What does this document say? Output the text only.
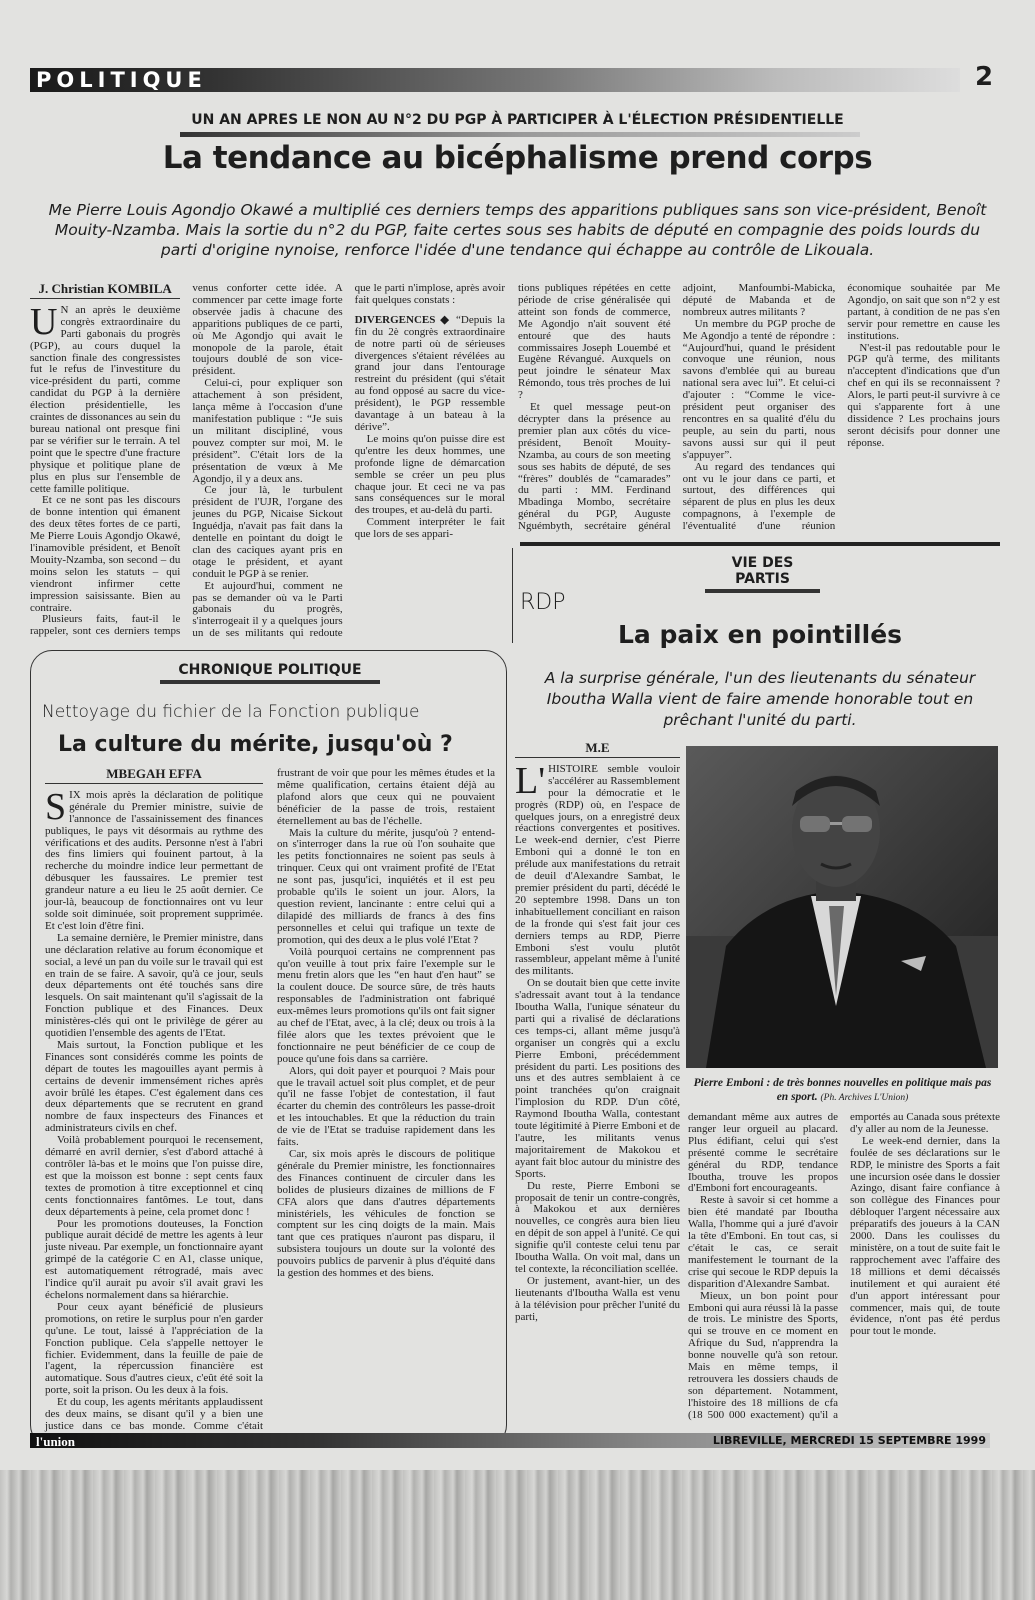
POLITIQUE	2
UN AN APRES LE NON AU N°2 DU PGP À PARTICIPER À L'ÉLECTION PRÉSIDENTIELLE
La tendance au bicéphalisme prend corps
Me Pierre Louis Agondjo Okawé a multiplié ces derniers temps des apparitions publiques sans son vice-président, Benoît Mouity-Nzamba. Mais la sortie du n°2 du PGP, faite certes sous ses habits de député en compagnie des poids lourds du parti d'origine nynoise, renforce l'idée d'une tendance qui échappe au contrôle de Likouala.
J. Christian KOMBILA

UN an après le deuxième congrès extraordinaire du Parti gabonais du progrès (PGP), au cours duquel la sanction finale des congressistes fut le refus de l'investiture du vice-président du parti, comme candidat du PGP à la dernière élection présidentielle, les craintes de dissonances au sein du bureau national ont presque fini par se vérifier sur le terrain. A tel point que le spectre d'une fracture physique et politique plane de plus en plus sur l'ensemble de cette famille politique.

Et ce ne sont pas les discours de bonne intention qui émanent des deux têtes fortes de ce parti, Me Pierre Louis Agondjo Okawé, l'inamovible président, et Benoît Mouity-Nzamba, son second – du moins selon les statuts – qui viendront infirmer cette impression saisissante. Bien au contraire.

Plusieurs faits, faut-il le rappeler, sont ces derniers temps venus conforter cette idée. A commencer par cette image forte observée jadis à chacune des apparitions publiques de ce parti, où Me Agondjo qui avait le monopole de la parole, était toujours doublé de son vice-président.

Celui-ci, pour expliquer son attachement à son président, lança même à l'occasion d'une manifestation publique : “Je suis un militant discipliné, vous pouvez compter sur moi, M. le président”. C'était lors de la présentation de vœux à Me Agondjo, il y a deux ans.

Ce jour là, le turbulent président de l'UJR, l'organe des jeunes du PGP, Nicaise Sickout Inguédja, n'avait pas fait dans la dentelle en pointant du doigt le clan des caciques ayant pris en otage le président, et ayant conduit le PGP à se renier.

Et aujourd'hui, comment ne pas se demander où va le Parti gabonais du progrès, s'interrogeait il y a quelques jours un de ses militants qui redoute que le parti n'implose, après avoir fait quelques constats :

DIVERGENCES ◆ “Depuis la fin du 2è congrès extraordinaire de notre parti où de sérieuses divergences s'étaient révélées au grand jour dans l'entourage restreint du président (qui s'était au fond opposé au sacre du vice-président), le PGP ressemble davantage à un bateau à la dérive”.

Le moins qu'on puisse dire est qu'entre les deux hommes, une profonde ligne de démarcation semble se créer un peu plus chaque jour. Et ceci ne va pas sans conséquences sur le moral des troupes, et au-delà du parti.

Comment interpréter le fait que lors de ses appari-

tions publiques répétées en cette période de crise généralisée qui atteint son fonds de commerce, Me Agondjo n'ait souvent été entouré que des hauts commissaires Joseph Louembé et Eugène Révangué. Auxquels on peut joindre le sénateur Max Rémondo, tous très proches de lui ?

Et quel message peut-on décrypter dans la présence au premier plan aux côtés du vice-président, Benoît Mouity-Nzamba, au cours de son meeting sous ses habits de député, de ses “frères” doublés de “camarades” du parti : MM. Ferdinand Mbadinga Mombo, secrétaire général du PGP, Auguste Nguémbyth, secrétaire général adjoint, Manfoumbi-Mabicka, député de Mabanda et de nombreux autres militants ?

Un membre du PGP proche de Me Agondjo a tenté de répondre : “Aujourd'hui, quand le président convoque une réunion, nous savons d'emblée qui au bureau national sera avec lui”. Et celui-ci d'ajouter : “Comme le vice-président peut organiser des rencontres en sa qualité d'élu du peuple, au sein du parti, nous savons aussi sur qui il peut s'appuyer”.

Au regard des tendances qui ont vu le jour dans ce parti, et surtout, des différences qui séparent de plus en plus les deux compagnons, à l'exemple de l'éventualité d'une réunion économique souhaitée par Me Agondjo, on sait que son n°2 y est partant, à condition de ne pas s'en servir pour remettre en cause les institutions.

N'est-il pas redoutable pour le PGP qu'à terme, des militants n'acceptent d'indications que d'un chef en qui ils se reconnaissent ? Alors, le parti peut-il survivre à ce qui s'apparente fort à une dissidence ? Les prochains jours seront décisifs pour donner une réponse.

CHRONIQUE POLITIQUE
Nettoyage du fichier de la Fonction publique
La culture du mérite, jusqu'où ?
MBEGAH EFFA

SIX mois après la déclaration de politique générale du Premier ministre, suivie de l'annonce de l'assainissement des finances publiques, le pays vit désormais au rythme des vérifications et des audits. Personne n'est à l'abri des fins limiers qui fouinent partout, à la recherche du moindre indice leur permettant de débusquer les faussaires. Le premier test grandeur nature a eu lieu le 25 août dernier. Ce jour-là, beaucoup de fonctionnaires ont vu leur solde soit diminuée, soit proprement supprimée. Et c'est loin d'être fini.

La semaine dernière, le Premier ministre, dans une déclaration relative au forum économique et social, a levé un pan du voile sur le travail qui est en train de se faire. A savoir, qu'à ce jour, seuls deux départements ont été touchés sans dire lesquels. On sait maintenant qu'il s'agissait de la Fonction publique et des Finances. Deux ministères-clés qui ont le privilège de gérer au quotidien l'ensemble des agents de l'Etat.

Mais surtout, la Fonction publique et les Finances sont considérés comme les points de départ de toutes les magouilles ayant permis à certains de devenir immensément riches après avoir brûlé les étapes. C'est également dans ces deux départements que se recrutent en grand nombre de faux inspecteurs des Finances et administrateurs civils en chef.

Voilà probablement pourquoi le recensement, démarré en avril dernier, s'est d'abord attaché à contrôler là-bas et le moins que l'on puisse dire, est que la moisson est bonne : sept cents faux textes de promotion à titre exceptionnel et cinq cents fonctionnaires fantômes. Le tout, dans deux départements à peine, cela promet donc !

Pour les promotions douteuses, la Fonction publique aurait décidé de mettre les agents à leur juste niveau. Par exemple, un fonctionnaire ayant grimpé de la catégorie C en A1, classe unique, est automatiquement rétrogradé, mais avec l'indice qu'il aurait pu avoir s'il avait gravi les échelons normalement dans sa hiérarchie.

Pour ceux ayant bénéficié de plusieurs promotions, on retire le surplus pour n'en garder qu'une. Le tout, laissé à l'appréciation de la Fonction publique. Cela s'appelle nettoyer le fichier. Evidemment, dans la feuille de paie de l'agent, la répercussion financière est automatique. Sous d'autres cieux, c'eût été soit la porte, soit la prison. Ou les deux à la fois.

Et du coup, les agents méritants applaudissent des deux mains, se disant qu'il y a bien une justice dans ce bas monde. Comme c'était frustrant de voir que pour les mêmes études et la même qualification, certains étaient déjà au plafond alors que ceux qui ne pouvaient bénéficier de la passe de trois, restaient éternellement au bas de l'échelle.

Mais la culture du mérite, jusqu'où ? entend-on s'interroger dans la rue où l'on souhaite que les petits fonctionnaires ne soient pas seuls à trinquer. Ceux qui ont vraiment profité de l'Etat ne sont pas, jusqu'ici, inquiétés et il est peu probable qu'ils le soient un jour. Alors, la question revient, lancinante : entre celui qui a dilapidé des milliards de francs à des fins personnelles et celui qui trafique un texte de promotion, qui des deux a le plus volé l'Etat ?

Voilà pourquoi certains ne comprennent pas qu'on veuille à tout prix faire l'exemple sur le menu fretin alors que les “en haut d'en haut” se la coulent douce. De source sûre, de très hauts responsables de l'administration ont fabriqué eux-mêmes leurs promotions qu'ils ont fait signer au chef de l'Etat, avec, à la clé; deux ou trois à la filée alors que les textes prévoient que le fonctionnaire ne peut bénéficier de ce coup de pouce qu'une fois dans sa carrière.

Alors, qui doit payer et pourquoi ? Mais pour que le travail actuel soit plus complet, et de peur qu'il ne fasse l'objet de contestation, il faut écarter du chemin des contrôleurs les passe-droit et les intouchables. Et que la réduction du train de vie de l'Etat se traduise rapidement dans les faits.

Car, six mois après le discours de politique générale du Premier ministre, les fonctionnaires des Finances continuent de circuler dans les bolides de plusieurs dizaines de millions de F CFA alors que dans d'autres départements ministériels, les véhicules de fonction se comptent sur les cinq doigts de la main. Mais tant que ces pratiques n'auront pas disparu, il subsistera toujours un doute sur la volonté des pouvoirs publics de parvenir à plus d'équité dans la gestion des hommes et des biens.

VIE DES PARTIS
RDP
La paix en pointillés
A la surprise générale, l'un des lieutenants du sénateur Iboutha Walla vient de faire amende honorable tout en prêchant l'unité du parti.
M.E

L'HISTOIRE semble vouloir s'accélérer au Rassemblement pour la démocratie et le progrès (RDP) où, en l'espace de quelques jours, on a enregistré deux réactions convergentes et positives. Le week-end dernier, c'est Pierre Emboni qui a donné le ton en prélude aux manifestations du retrait de deuil d'Alexandre Sambat, le premier président du parti, décédé le 20 septembre 1998. Dans un ton inhabituellement conciliant en raison de la fronde qui s'est fait jour ces derniers temps au RDP, Pierre Emboni s'est voulu plutôt rassembleur, appelant même à l'unité des militants.

On se doutait bien que cette invite s'adressait avant tout à la tendance Iboutha Walla, l'unique sénateur du parti qui a rivalisé de déclarations ces temps-ci, allant même jusqu'à organiser un congrès qui a exclu Pierre Emboni, précédemment président du parti. Les positions des uns et des autres semblaient à ce point tranchées qu'on craignait l'implosion du RDP. D'un côté, Raymond Iboutha Walla, contestant toute légitimité à Pierre Emboni et de l'autre, les militants venus majoritairement de Makokou et ayant fait bloc autour du ministre des Sports.

Du reste, Pierre Emboni se proposait de tenir un contre-congrès, à Makokou et aux dernières nouvelles, ce congrès aura bien lieu en dépit de son appel à l'unité. Ce qui signifie qu'il conteste celui tenu par Iboutha Walla. On voit mal, dans un tel contexte, la réconciliation scellée.

Or justement, avant-hier, un des lieutenants d'Iboutha Walla est venu à la télévision pour prêcher l'unité du parti,

Pierre Emboni : de très bonnes nouvelles en politique mais pas en sport. (Ph. Archives L'Union)

demandant même aux autres de ranger leur orgueil au placard. Plus édifiant, celui qui s'est présenté comme le secrétaire général du RDP, tendance Iboutha, trouve les propos d'Emboni fort encourageants.

Reste à savoir si cet homme a bien été mandaté par Iboutha Walla, l'homme qui a juré d'avoir la tête d'Emboni. En tout cas, si c'était le cas, ce serait manifestement le tournant de la crise qui secoue le RDP depuis la disparition d'Alexandre Sambat.

Mieux, un bon point pour Emboni qui aura réussi là la passe de trois. Le ministre des Sports, qui se trouve en ce moment en Afrique du Sud, n'apprendra la bonne nouvelle qu'à son retour. Mais en même temps, il retrouvera les dossiers chauds de son département. Notamment, l'histoire des 18 millions de cfa (18 500 000 exactement) qu'il a emportés au Canada sous prétexte d'y aller au nom de la Jeunesse.

Le week-end dernier, dans la foulée de ses déclarations sur le RDP, le ministre des Sports a fait une incursion osée dans le dossier Azingo, disant faire confiance à son collègue des Finances pour débloquer l'argent nécessaire aux préparatifs des joueurs à la CAN 2000. Dans les coulisses du ministère, on a tout de suite fait le rapprochement avec l'affaire des 18 millions et demi décaissés inutilement et qui auraient été d'un apport intéressant pour commencer, mais qui, de toute évidence, n'ont pas été perdus pour tout le monde.

l'union	LIBREVILLE, MERCREDI 15 SEPTEMBRE 1999
